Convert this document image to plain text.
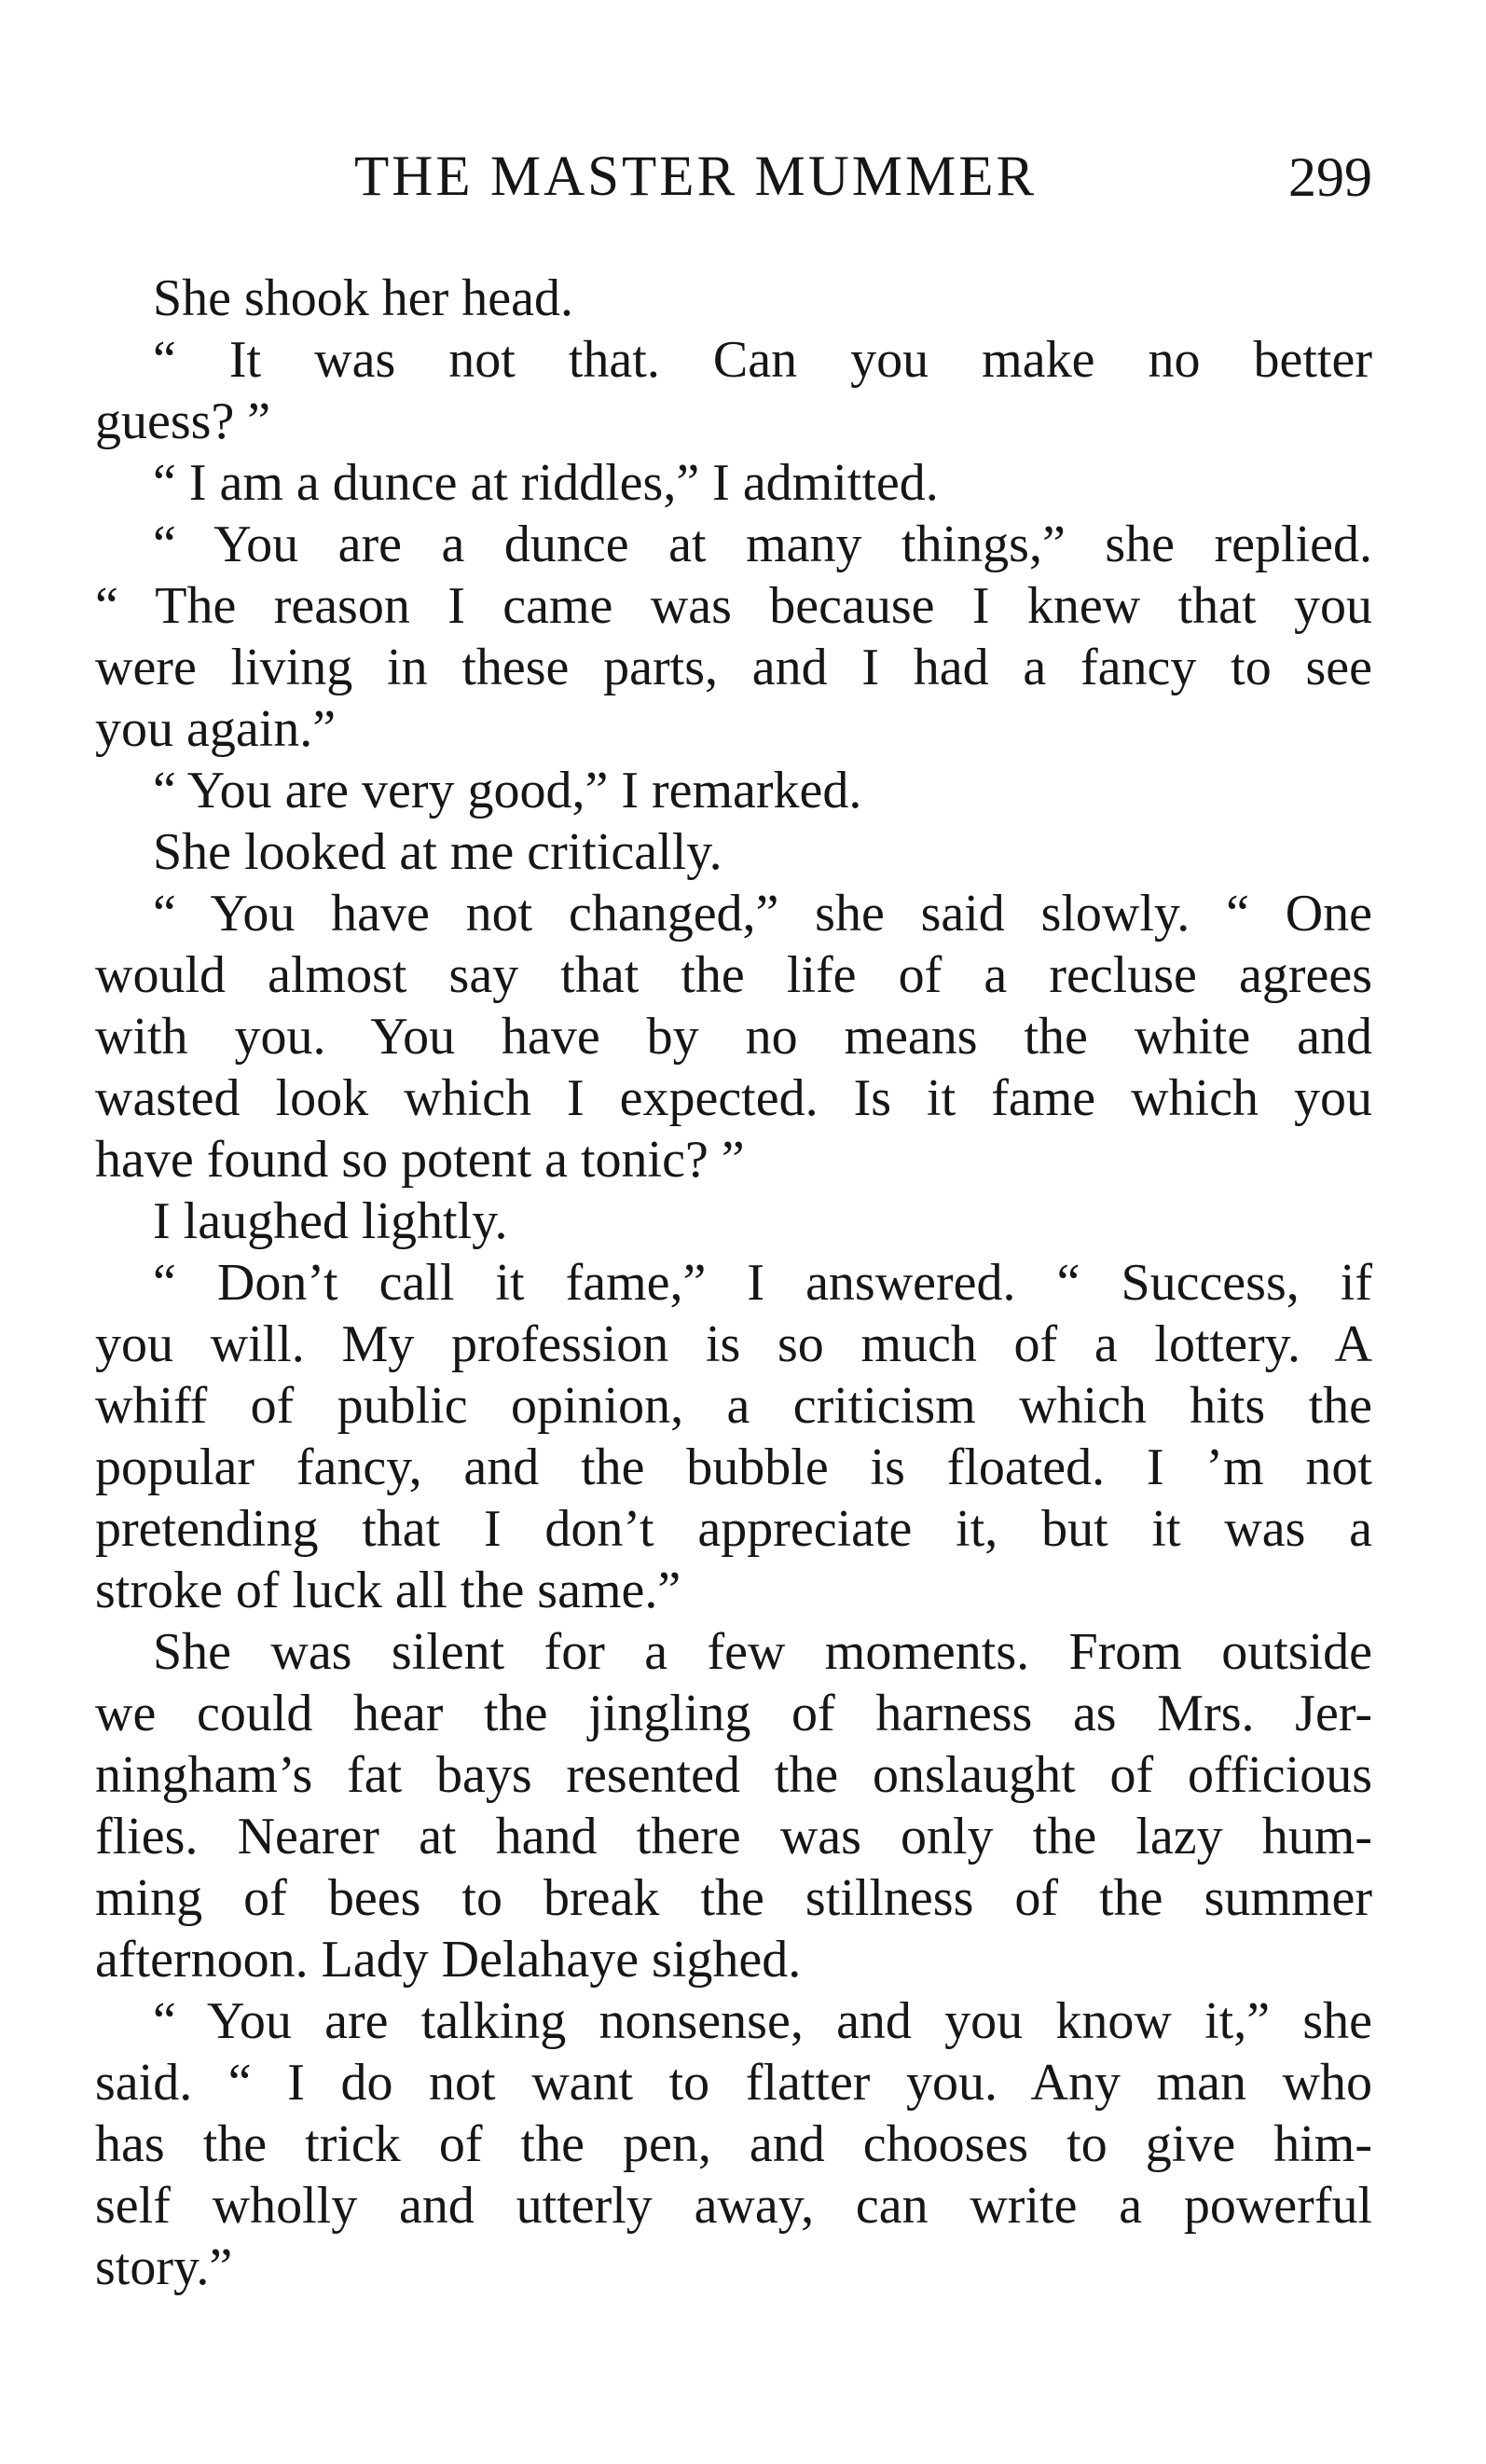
THE MASTER MUMMER	299
She shook her head.
“ It was not that. Can you make no better
guess? ”
“ I am a dunce at riddles,” I admitted.
“ You are a dunce at many things,” she replied.
“ The reason I came was because I knew that you
were living in these parts, and I had a fancy to see
you again.”
“ You are very good,” I remarked.
She looked at me critically.
“ You have not changed,” she said slowly. “ One
would almost say that the life of a recluse agrees
with you. You have by no means the white and
wasted look which I expected. Is it fame which you
have found so potent a tonic? ”
I laughed lightly.
“ Don’t call it fame,” I answered. “ Success, if
you will. My profession is so much of a lottery. A
whiff of public opinion, a criticism which hits the
popular fancy, and the bubble is floated. I ’m not
pretending that I don’t appreciate it, but it was a
stroke of luck all the same.”
She was silent for a few moments. From outside
we could hear the jingling of harness as Mrs. Jer-
ningham’s fat bays resented the onslaught of officious
flies. Nearer at hand there was only the lazy hum-
ming of bees to break the stillness of the summer
afternoon. Lady Delahaye sighed.
“ You are talking nonsense, and you know it,” she
said. “ I do not want to flatter you. Any man who
has the trick of the pen, and chooses to give him-
self wholly and utterly away, can write a powerful
story.”
